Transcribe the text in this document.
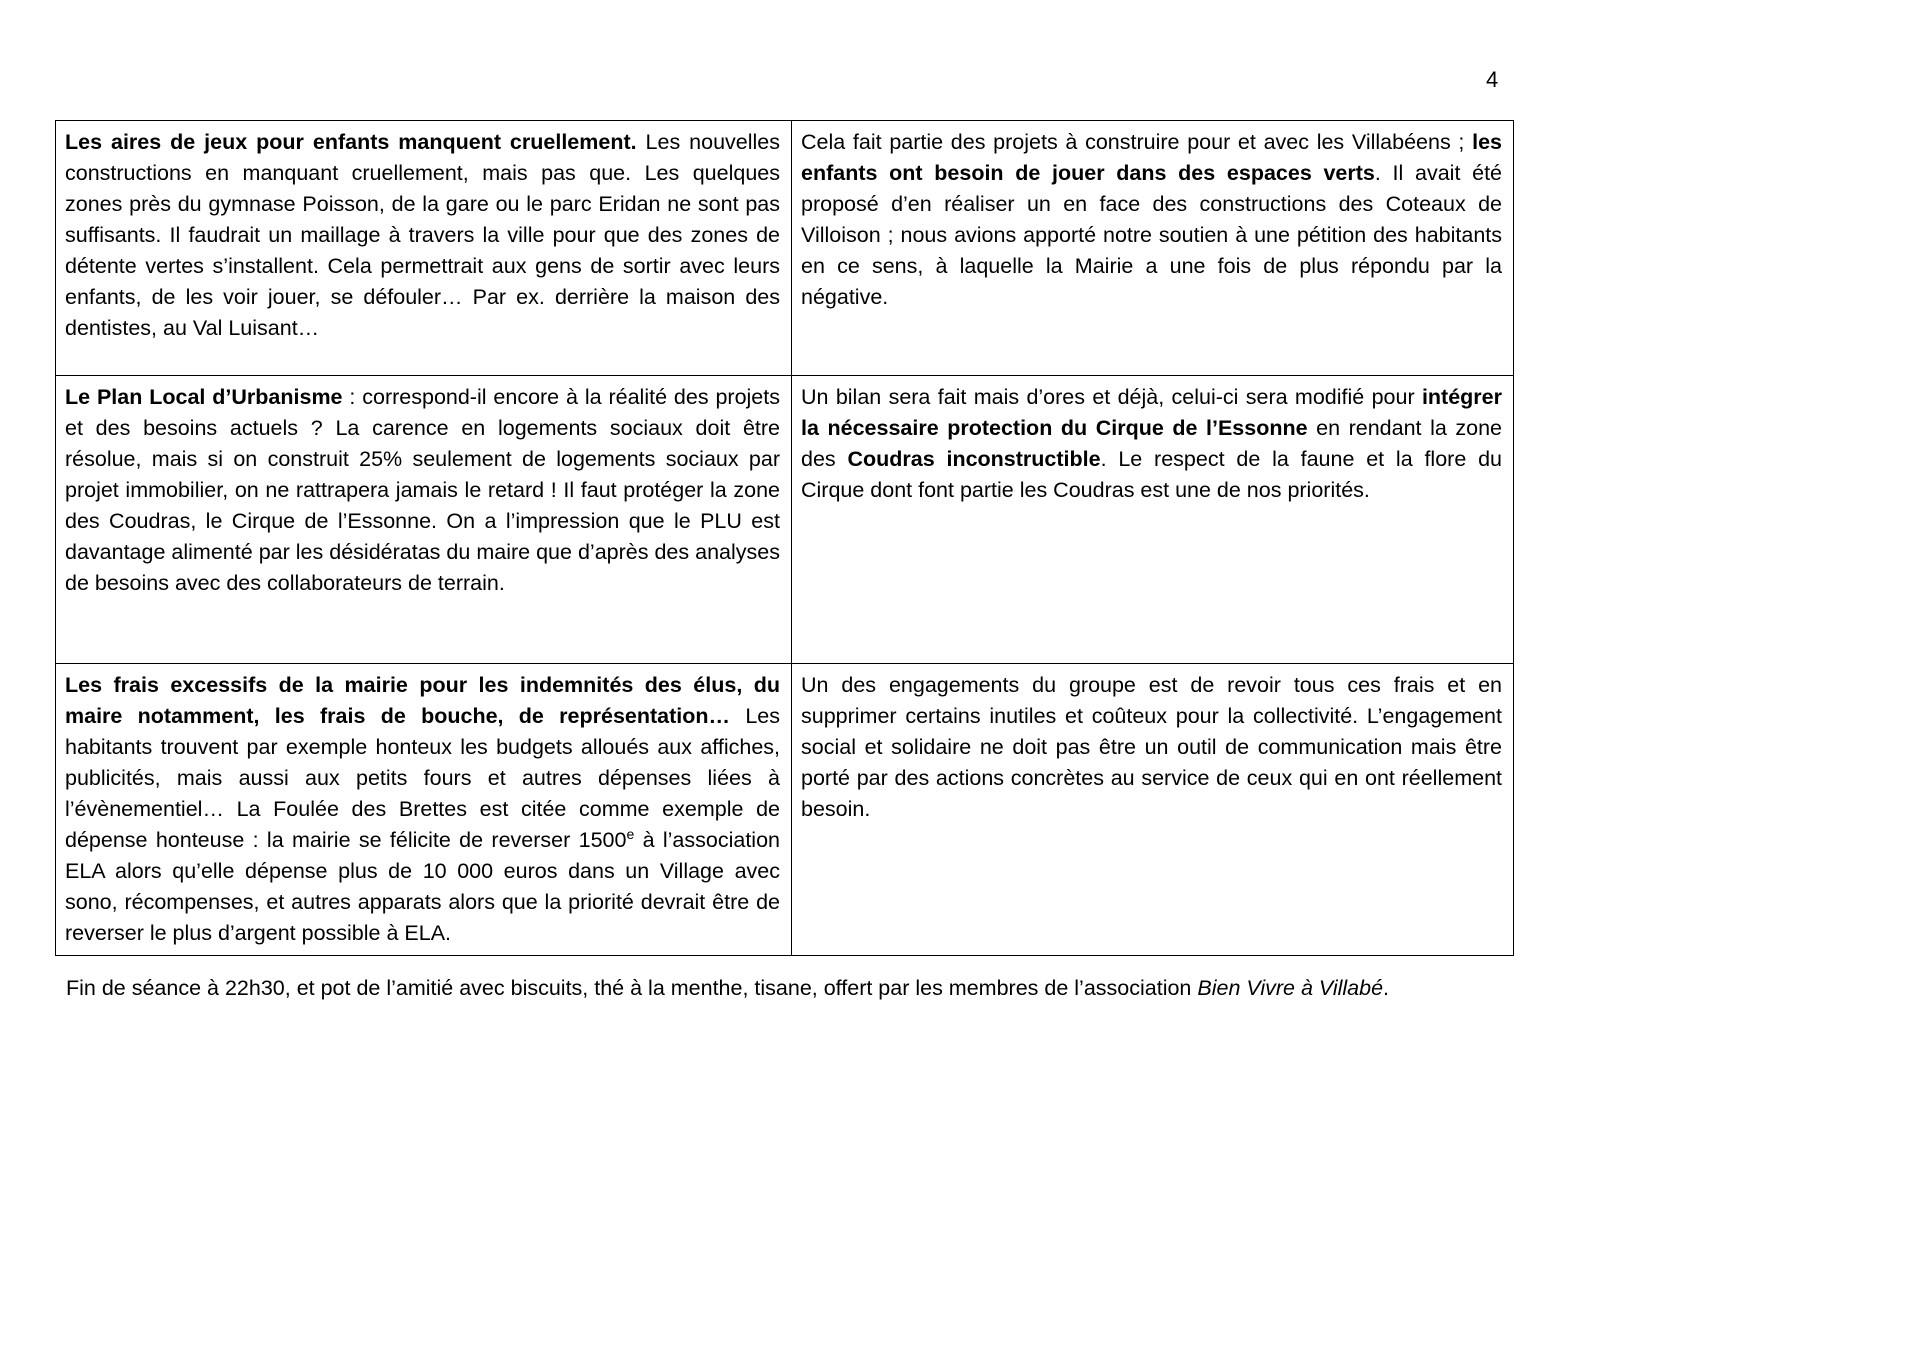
4
Les aires de jeux pour enfants manquent cruellement. Les nouvelles constructions en manquant cruellement, mais pas que. Les quelques zones près du gymnase Poisson, de la gare ou le parc Eridan ne sont pas suffisants. Il faudrait un maillage à travers la ville pour que des zones de détente vertes s’installent. Cela permettrait aux gens de sortir avec leurs enfants, de les voir jouer, se défouler… Par ex. derrière la maison des dentistes, au Val Luisant…	Cela fait partie des projets à construire pour et avec les Villabéens ; les enfants ont besoin de jouer dans des espaces verts. Il avait été proposé d’en réaliser un en face des constructions des Coteaux de Villoison ; nous avions apporté notre soutien à une pétition des habitants en ce sens, à laquelle la Mairie a une fois de plus répondu par la négative.
Le Plan Local d’Urbanisme : correspond-il encore à la réalité des projets et des besoins actuels ? La carence en logements sociaux doit être résolue, mais si on construit 25% seulement de logements sociaux par projet immobilier, on ne rattrapera jamais le retard ! Il faut protéger la zone des Coudras, le Cirque de l’Essonne. On a l’impression que le PLU est davantage alimenté par les désidératas du maire que d’après des analyses de besoins avec des collaborateurs de terrain.	Un bilan sera fait mais d’ores et déjà, celui-ci sera modifié pour intégrer la nécessaire protection du Cirque de l’Essonne en rendant la zone des Coudras inconstructible. Le respect de la faune et la flore du Cirque dont font partie les Coudras est une de nos priorités.
Les frais excessifs de la mairie pour les indemnités des élus, du maire notamment, les frais de bouche, de représentation… Les habitants trouvent par exemple honteux les budgets alloués aux affiches, publicités, mais aussi aux petits fours et autres dépenses liées à l’évènementiel… La Foulée des Brettes est citée comme exemple de dépense honteuse : la mairie se félicite de reverser 1500e à l’association ELA alors qu’elle dépense plus de 10 000 euros dans un Village avec sono, récompenses, et autres apparats alors que la priorité devrait être de reverser le plus d’argent possible à ELA.	Un des engagements du groupe est de revoir tous ces frais et en supprimer certains inutiles et coûteux pour la collectivité. L’engagement social et solidaire ne doit pas être un outil de communication mais être porté par des actions concrètes au service de ceux qui en ont réellement besoin.
Fin de séance à 22h30, et pot de l’amitié avec biscuits, thé à la menthe, tisane, offert par les membres de l’association Bien Vivre à Villabé.
